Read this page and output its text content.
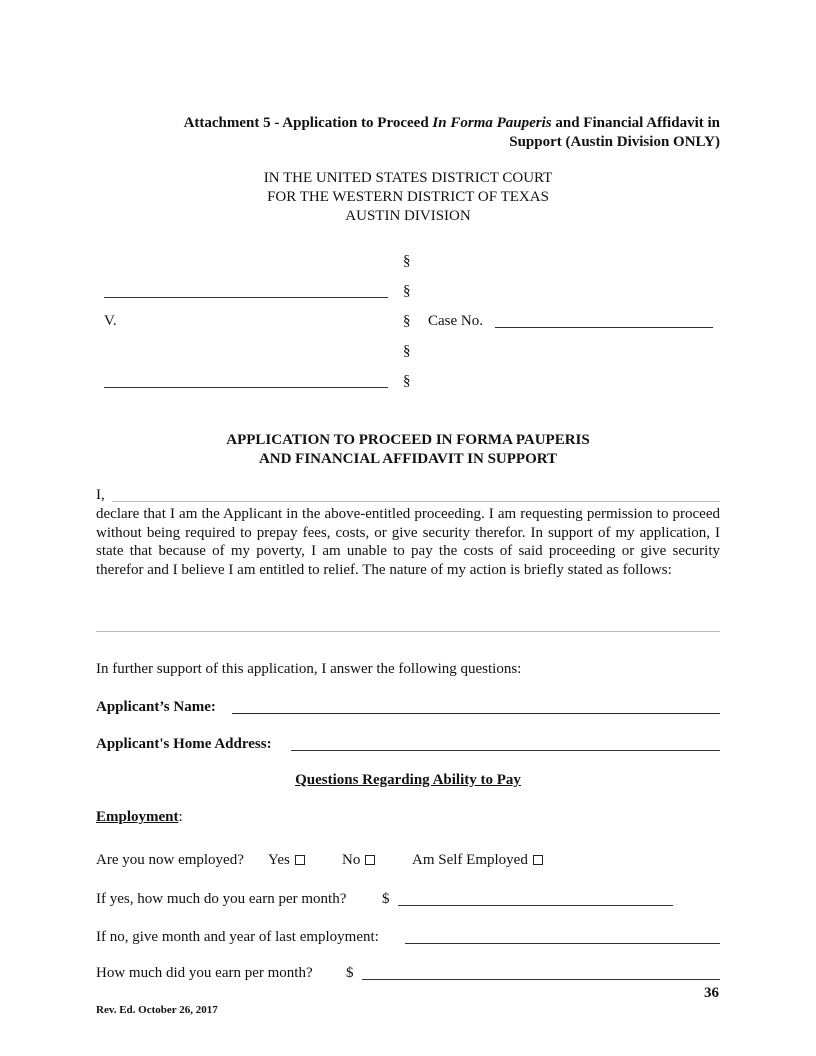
Attachment 5 - Application to Proceed In Forma Pauperis and Financial Affidavit in
Support (Austin Division ONLY)
IN THE UNITED STATES DISTRICT COURT
FOR THE WESTERN DISTRICT OF TEXAS
AUSTIN DIVISION
§
§
V.	§ Case No.
§
§
APPLICATION TO PROCEED IN FORMA PAUPERIS
AND FINANCIAL AFFIDAVIT IN SUPPORT
I,
declare that I am the Applicant in the above-entitled proceeding. I am requesting permission to proceed without being required to prepay fees, costs, or give security therefor. In support of my application, I state that because of my poverty, I am unable to pay the costs of said proceeding or give security therefor and I believe I am entitled to relief. The nature of my action is briefly stated as follows:
In further support of this application, I answer the following questions:
Applicant’s Name:
Applicant's Home Address:
Questions Regarding Ability to Pay
Employment:
Are you now employed? Yes	No	Am Self Employed
If yes, how much do you earn per month? $
If no, give month and year of last employment:
How much did you earn per month? $
36
Rev. Ed. October 26, 2017
